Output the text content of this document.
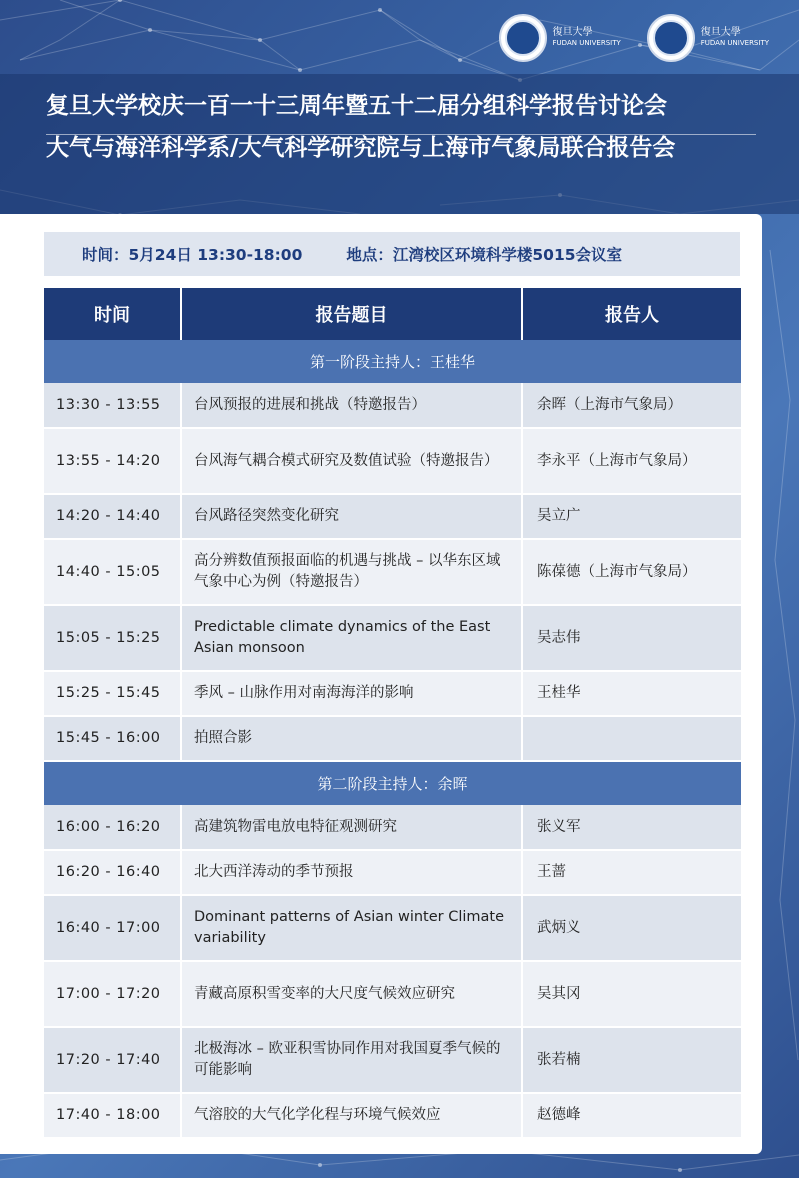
復旦大學
FUDAN UNIVERSITY
復旦大學
FUDAN UNIVERSITY
复旦大学校庆一百一十三周年暨五十二届分组科学报告讨论会
大气与海洋科学系/大气科学研究院与上海市气象局联合报告会
时间：5月24日 13:30-18:00	地点：江湾校区环境科学楼5015会议室
时间	报告题目	报告人
第一阶段主持人：王桂华		
13:30 - 13:55	台风预报的进展和挑战（特邀报告）	余晖（上海市气象局）
13:55 - 14:20	台风海气耦合模式研究及数值试验（特邀报告）	李永平（上海市气象局）
14:20 - 14:40	台风路径突然变化研究	吴立广
14:40 - 15:05	高分辨数值预报面临的机遇与挑战 – 以华东区域气象中心为例（特邀报告）	陈葆德（上海市气象局）
15:05 - 15:25	Predictable climate dynamics of the East Asian monsoon	吴志伟
15:25 - 15:45	季风 – 山脉作用对南海海洋的影响	王桂华
15:45 - 16:00	拍照合影	
第二阶段主持人：余晖		
16:00 - 16:20	高建筑物雷电放电特征观测研究	张义军
16:20 - 16:40	北大西洋涛动的季节预报	王蔷
16:40 - 17:00	Dominant patterns of Asian winter Climate variability	武炳义
17:00 - 17:20	青藏高原积雪变率的大尺度气候效应研究	吴其冈
17:20 - 17:40	北极海冰 – 欧亚积雪协同作用对我国夏季气候的可能影响	张若楠
17:40 - 18:00	气溶胶的大气化学化程与环境气候效应	赵德峰
